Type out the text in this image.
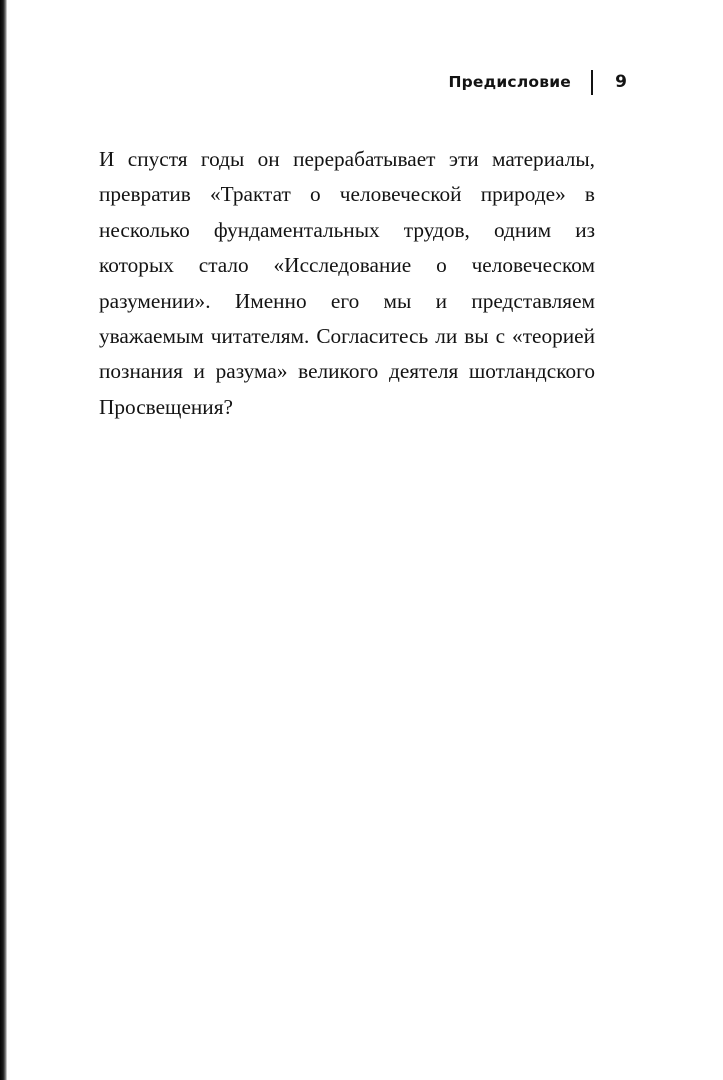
Предисловие	9

И спустя годы он перерабатывает эти материалы, превратив «Трактат о человеческой природе» в несколько фундаментальных трудов, одним из которых стало «Исследование о человеческом разумении». Именно его мы и представляем уважаемым читателям. Согласитесь ли вы с «теорией познания и разума» великого деятеля шотландского Просвещения?
